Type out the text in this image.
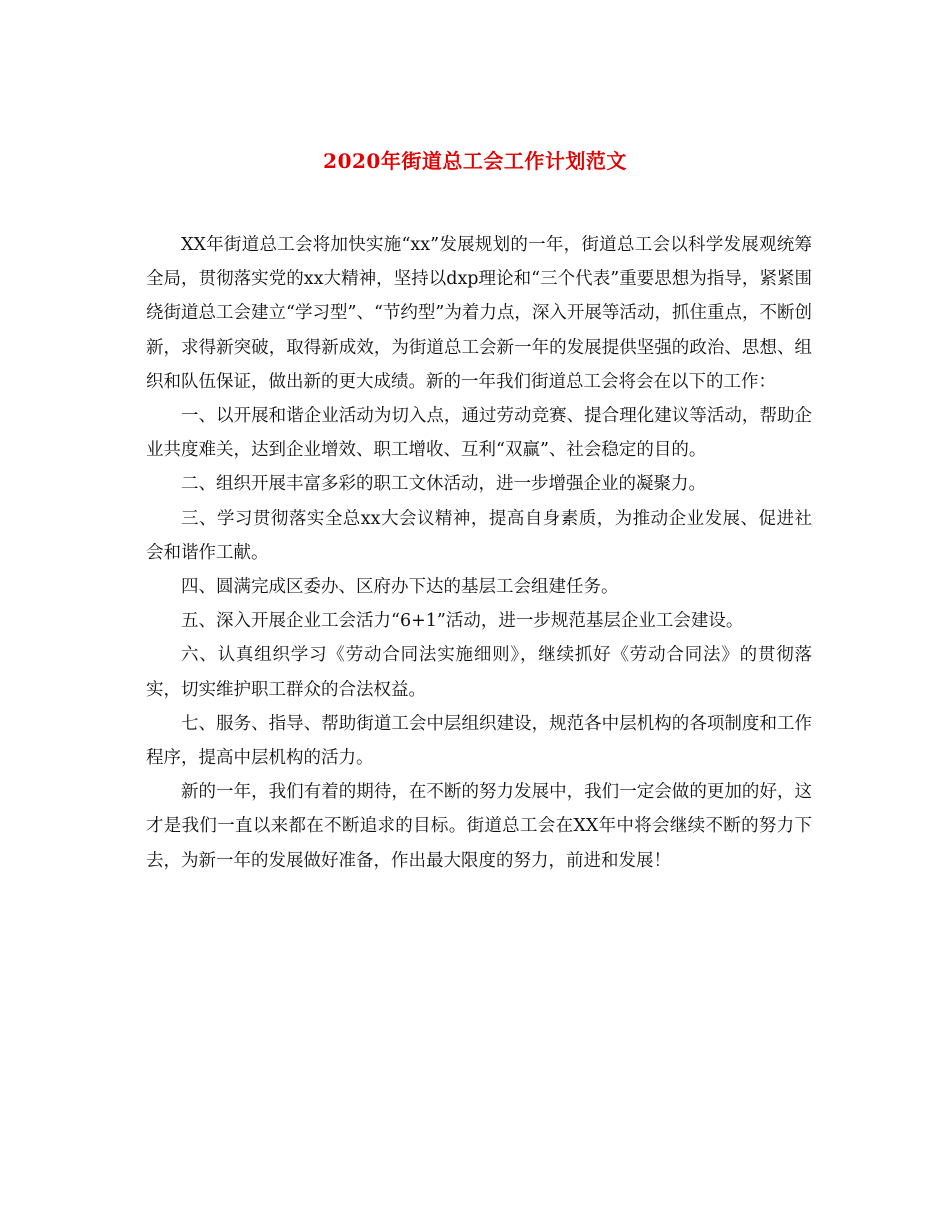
2020年街道总工会工作计划范文

XX年街道总工会将加快实施“xx”发展规划的一年，街道总工会以科学发展观统筹全局，贯彻落实党的xx大精神，坚持以dxp理论和“三个代表”重要思想为指导，紧紧围绕街道总工会建立“学习型”、“节约型”为着力点，深入开展等活动，抓住重点，不断创新，求得新突破，取得新成效，为街道总工会新一年的发展提供坚强的政治、思想、组织和队伍保证，做出新的更大成绩。新的一年我们街道总工会将会在以下的工作：

一、以开展和谐企业活动为切入点，通过劳动竞赛、提合理化建议等活动，帮助企业共度难关，达到企业增效、职工增收、互利“双赢”、社会稳定的目的。

二、组织开展丰富多彩的职工文休活动，进一步增强企业的凝聚力。

三、学习贯彻落实全总xx大会议精神，提高自身素质，为推动企业发展、促进社会和谐作工献。

四、圆满完成区委办、区府办下达的基层工会组建任务。

五、深入开展企业工会活力“6+1”活动，进一步规范基层企业工会建设。

六、认真组织学习《劳动合同法实施细则》，继续抓好《劳动合同法》的贯彻落实，切实维护职工群众的合法权益。

七、服务、指导、帮助街道工会中层组织建设，规范各中层机构的各项制度和工作程序，提高中层机构的活力。

新的一年，我们有着的期待，在不断的努力发展中，我们一定会做的更加的好，这才是我们一直以来都在不断追求的目标。街道总工会在XX年中将会继续不断的努力下去，为新一年的发展做好准备，作出最大限度的努力，前进和发展！
